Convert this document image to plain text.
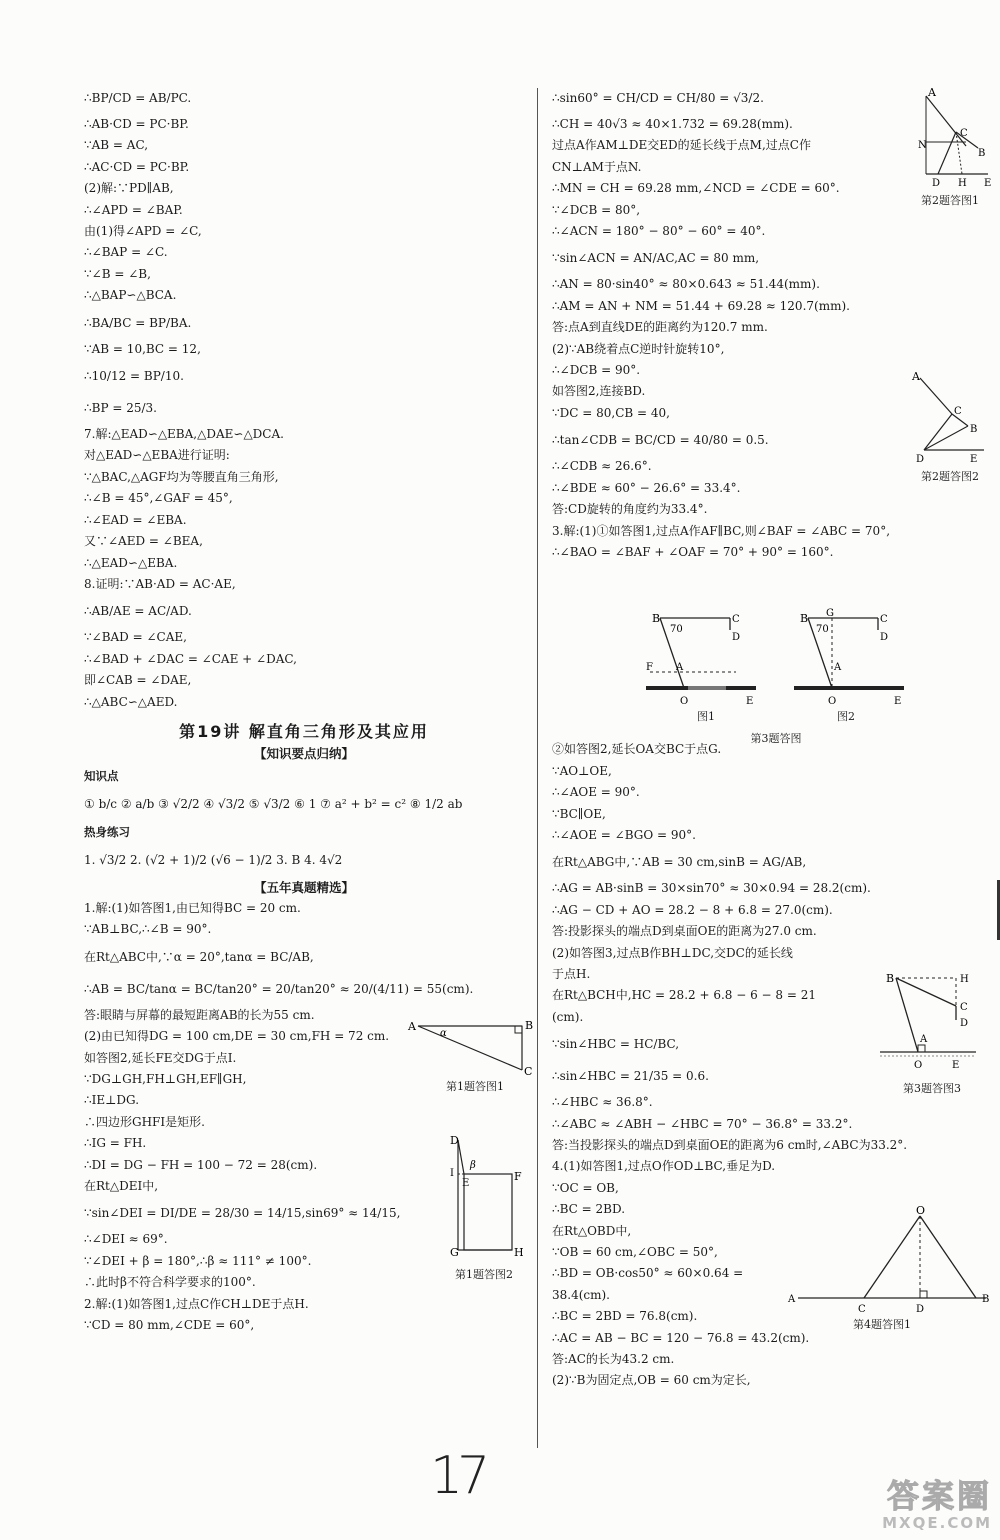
∴BP/CD = AB/PC.
∴AB·CD = PC·BP.
∵AB = AC,
∴AC·CD = PC·BP.
(2)解:∵PD∥AB,
∴∠APD = ∠BAP.
由(1)得∠APD = ∠C,
∴∠BAP = ∠C.
∵∠B = ∠B,
∴△BAP∽△BCA.
∴BA/BC = BP/BA.
∵AB = 10,BC = 12,
∴10/12 = BP/10.
∴BP = 25/3.
7.解:△EAD∽△EBA,△DAE∽△DCA.
对△EAD∽△EBA进行证明:
∵△BAC,△AGF均为等腰直角三角形,
∴∠B = 45°,∠GAF = 45°,
∴∠EAD = ∠EBA.
又∵∠AED = ∠BEA,
∴△EAD∽△EBA.
8.证明:∵AB·AD = AC·AE,
∴AB/AE = AC/AD.
∵∠BAD = ∠CAE,
∴∠BAD + ∠DAC = ∠CAE + ∠DAC,
即∠CAB = ∠DAE,
∴△ABC∽△AED.
第19讲 解直角三角形及其应用
【知识要点归纳】
知识点
① b/c ② a/b ③ √2/2 ④ √3/2 ⑤ √3/2 ⑥ 1 ⑦ a² + b² = c² ⑧ 1/2 ab
热身练习
1. √3/2 2. (√2 + 1)/2 (√6 − 1)/2 3. B 4. 4√2
【五年真题精选】
1.解:(1)如答图1,由已知得BC = 20 cm.
∵AB⊥BC,∴∠B = 90°.
在Rt△ABC中,∵α = 20°,tanα = BC/AB,
∴AB = BC/tanα = BC/tan20° = 20/tan20° ≈ 20/(4/11) = 55(cm).
答:眼睛与屏幕的最短距离AB的长为55 cm.
(2)由已知得DG = 100 cm,DE = 30 cm,FH = 72 cm.
如答图2,延长FE交DG于点I.
∵DG⊥GH,FH⊥GH,EF∥GH,
∴IE⊥DG.
∴四边形GHFI是矩形.
∴IG = FH.
∴DI = DG − FH = 100 − 72 = 28(cm).
在Rt△DEI中,
∵sin∠DEI = DI/DE = 28/30 = 14/15,sin69° ≈ 14/15,
∴∠DEI ≈ 69°.
∵∠DEI + β = 180°,∴β ≈ 111° ≠ 100°.
∴此时β不符合科学要求的100°.
2.解:(1)如答图1,过点C作CH⊥DE于点H.
∵CD = 80 mm,∠CDE = 60°,
∴sin60° = CH/CD = CH/80 = √3/2.
∴CH = 40√3 ≈ 40×1.732 = 69.28(mm).
过点A作AM⊥DE交ED的延长线于点M,过点C作
CN⊥AM于点N.
∴MN = CH = 69.28 mm,∠NCD = ∠CDE = 60°.
∵∠DCB = 80°,
∴∠ACN = 180° − 80° − 60° = 40°.
∵sin∠ACN = AN/AC,AC = 80 mm,
∴AN = 80·sin40° ≈ 80×0.643 ≈ 51.44(mm).
∴AM = AN + NM = 51.44 + 69.28 ≈ 120.7(mm).
答:点A到直线DE的距离约为120.7 mm.
(2)∵AB绕着点C逆时针旋转10°,
∴∠DCB = 90°.
如答图2,连接BD.
∵DC = 80,CB = 40,
∴tan∠CDB = BC/CD = 40/80 = 0.5.
∴∠CDB ≈ 26.6°.
∴∠BDE ≈ 60° − 26.6° = 33.4°.
答:CD旋转的角度约为33.4°.
3.解:(1)①如答图1,过点A作AF∥BC,则∠BAF = ∠ABC = 70°,
∴∠BAO = ∠BAF + ∠OAF = 70° + 90° = 160°.
②如答图2,延长OA交BC于点G.
∵AO⊥OE,
∴∠AOE = 90°.
∵BC∥OE,
∴∠AOE = ∠BGO = 90°.
在Rt△ABG中,∵AB = 30 cm,sinB = AG/AB,
∴AG = AB·sinB = 30×sin70° ≈ 30×0.94 = 28.2(cm).
∴AG − CD + AO = 28.2 − 8 + 6.8 = 27.0(cm).
答:投影探头的端点D到桌面OE的距离为27.0 cm.
(2)如答图3,过点B作BH⊥DC,交DC的延长线
于点H.
在Rt△BCH中,HC = 28.2 + 6.8 − 6 − 8 = 21
(cm).
∵sin∠HBC = HC/BC,
∴sin∠HBC = 21/35 = 0.6.
∴∠HBC ≈ 36.8°.
∴∠ABC ≈ ∠ABH − ∠HBC = 70° − 36.8° = 33.2°.
答:当投影探头的端点D到桌面OE的距离为6 cm时,∠ABC为33.2°.
4.(1)如答图1,过点O作OD⊥BC,垂足为D.
∵OC = OB,
∴BC = 2BD.
在Rt△OBD中,
∵OB = 60 cm,∠OBC = 50°,
∴BD = OB·cos50° ≈ 60×0.64 =
38.4(cm).
∴BC = 2BD = 76.8(cm).
∴AC = AB − BC = 120 − 76.8 = 43.2(cm).
答:AC的长为43.2 cm.
(2)∵B为固定点,OB = 60 cm为定长,
A
α
B
C
第1题答图1
D
I
β
E
F
G	H
第1题答图2
A
N
C
B
D H E
第2题答图1
A
C
B
D	E
第2题答图2
B
70
C
D
F A
O	E
B G
70
C
D
A
O	E
图1	图2
第3题答图
B	H
C
D
A
O	E
第3题答图3
O
A
C	D
B
第4题答图1
17	答案圈
MXQE.COM
